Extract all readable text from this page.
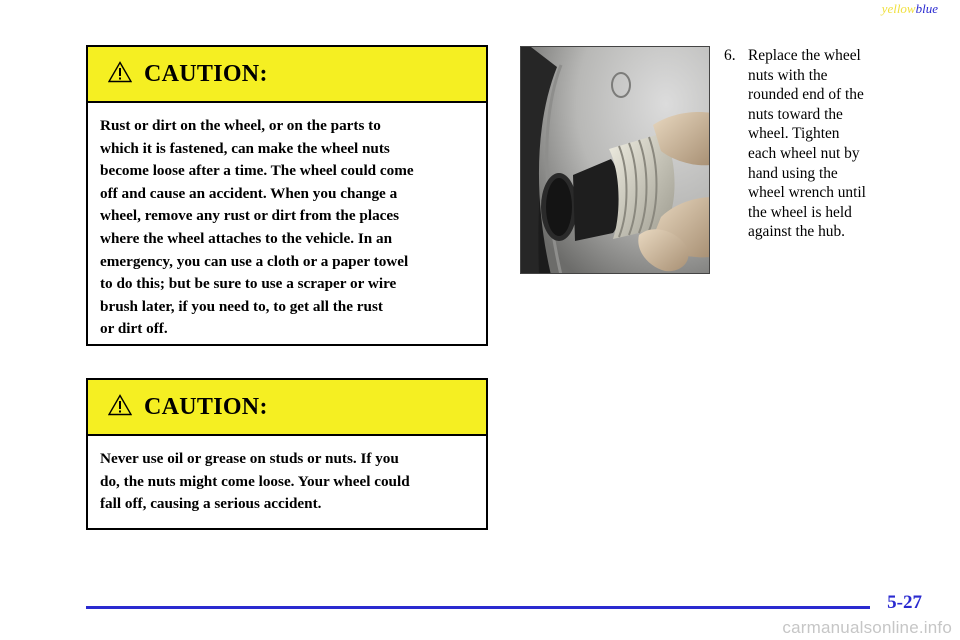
yellowblue
CAUTION:
Rust or dirt on the wheel, or on the parts to
which it is fastened, can make the wheel nuts
become loose after a time. The wheel could come
off and cause an accident. When you change a
wheel, remove any rust or dirt from the places
where the wheel attaches to the vehicle. In an
emergency, you can use a cloth or a paper towel
to do this; but be sure to use a scraper or wire
brush later, if you need to, to get all the rust
or dirt off.
CAUTION:
Never use oil or grease on studs or nuts. If you
do, the nuts might come loose. Your wheel could
fall off, causing a serious accident.
6. Replace the wheel
nuts with the
rounded end of the
nuts toward the
wheel. Tighten
each wheel nut by
hand using the
wheel wrench until
the wheel is held
against the hub.
5-27
carmanualsonline.info
